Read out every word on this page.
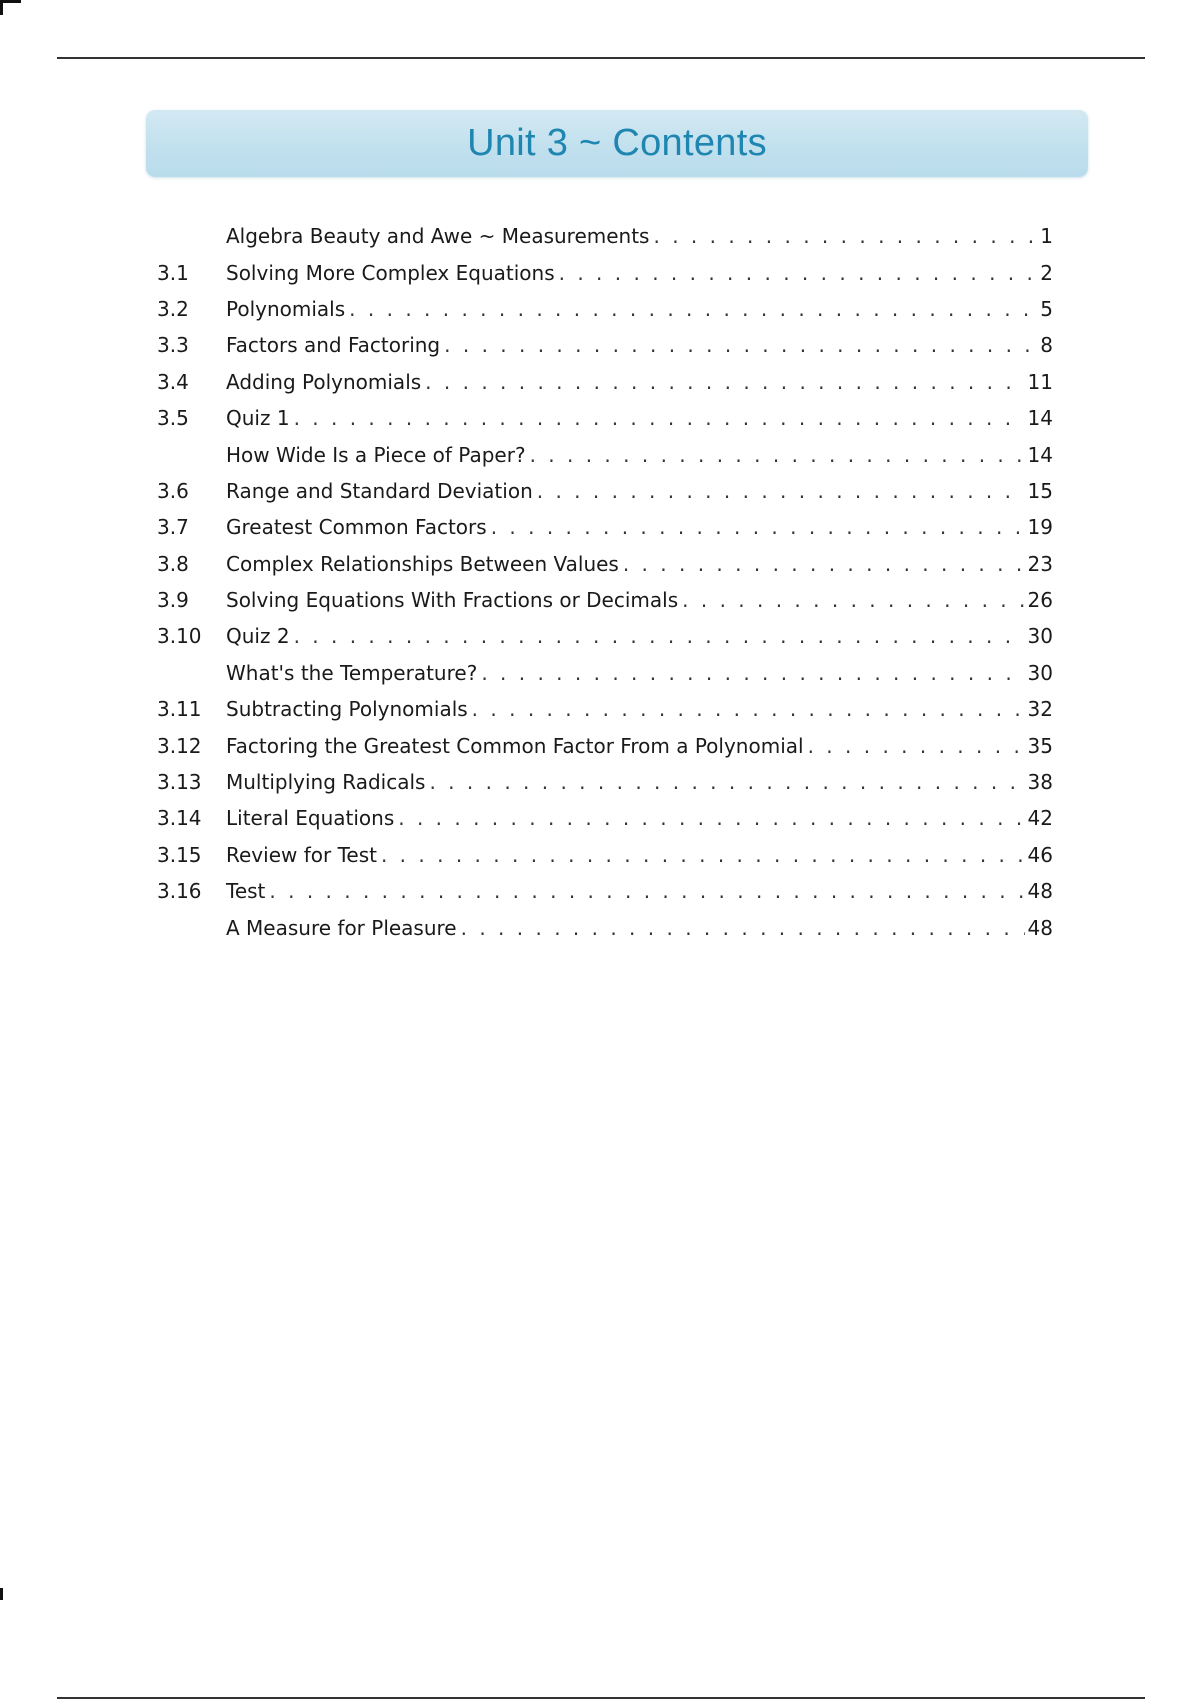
Unit 3 ~ Contents
Algebra Beauty and Awe ~ Measurements . . .	1
3.1	Solving More Complex Equations . . .	2
3.2	Polynomials . . .	5
3.3	Factors and Factoring . . .	8
3.4	Adding Polynomials . . .	11
3.5	Quiz 1 . . .	14
How Wide Is a Piece of Paper? . . .	14
3.6	Range and Standard Deviation . . .	15
3.7	Greatest Common Factors . . .	19
3.8	Complex Relationships Between Values . . .	23
3.9	Solving Equations With Fractions or Decimals . . .	26
3.10	Quiz 2 . . .	30
What's the Temperature? . . .	30
3.11	Subtracting Polynomials . . .	32
3.12	Factoring the Greatest Common Factor From a Polynomial . . .	35
3.13	Multiplying Radicals . . .	38
3.14	Literal Equations . . .	42
3.15	Review for Test . . .	46
3.16	Test . . .	48
A Measure for Pleasure . . .	48
